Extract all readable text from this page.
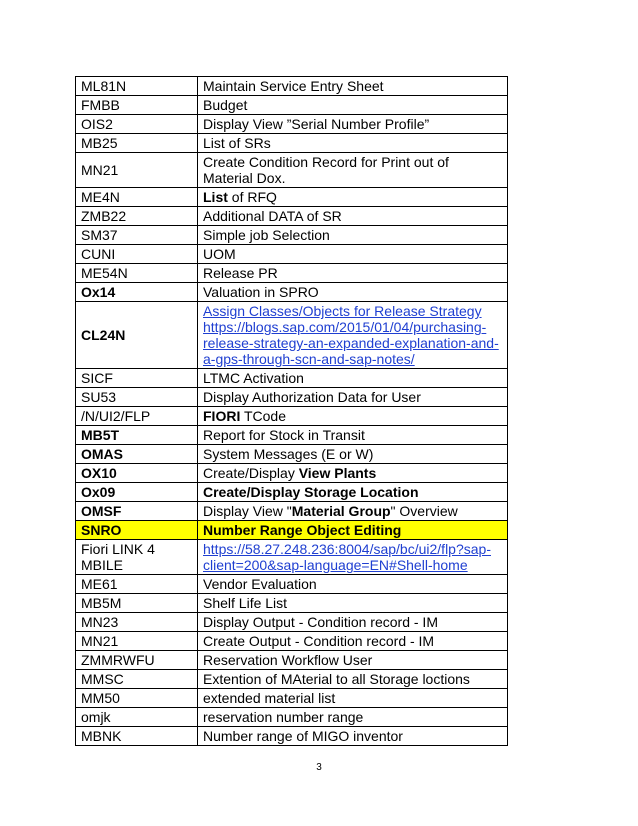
ML81N	Maintain Service Entry Sheet
FMBB	Budget
OIS2	Display View ”Serial Number Profile”
MB25	List of SRs
MN21	Create Condition Record for Print out of Material Dox.
ME4N	List of RFQ
ZMB22	Additional DATA of SR
SM37	Simple job Selection
CUNI	UOM
ME54N	Release PR
Ox14	Valuation in SPRO
CL24N	Assign Classes/Objects for Release Strategy
https://blogs.sap.com/2015/01/04/purchasing-release-strategy-an-expanded-explanation-and-a-gps-through-scn-and-sap-notes/
SICF	LTMC Activation
SU53	Display Authorization Data for User
/N/UI2/FLP	FIORI TCode
MB5T	Report for Stock in Transit
OMAS	System Messages (E or W)
OX10	Create/Display View Plants
Ox09	Create/Display Storage Location
OMSF	Display View "Material Group" Overview
SNRO	Number Range Object Editing
Fiori LINK 4 MBILE	https://58.27.248.236:8004/sap/bc/ui2/flp?sap-client=200&sap-language=EN#Shell-home
ME61	Vendor Evaluation
MB5M	Shelf Life List
MN23	Display Output - Condition record - IM
MN21	Create Output - Condition record - IM
ZMMRWFU	Reservation Workflow User
MMSC	Extention of MAterial to all Storage loctions
MM50	extended material list
omjk	reservation number range
MBNK	Number range of MIGO inventor
3
